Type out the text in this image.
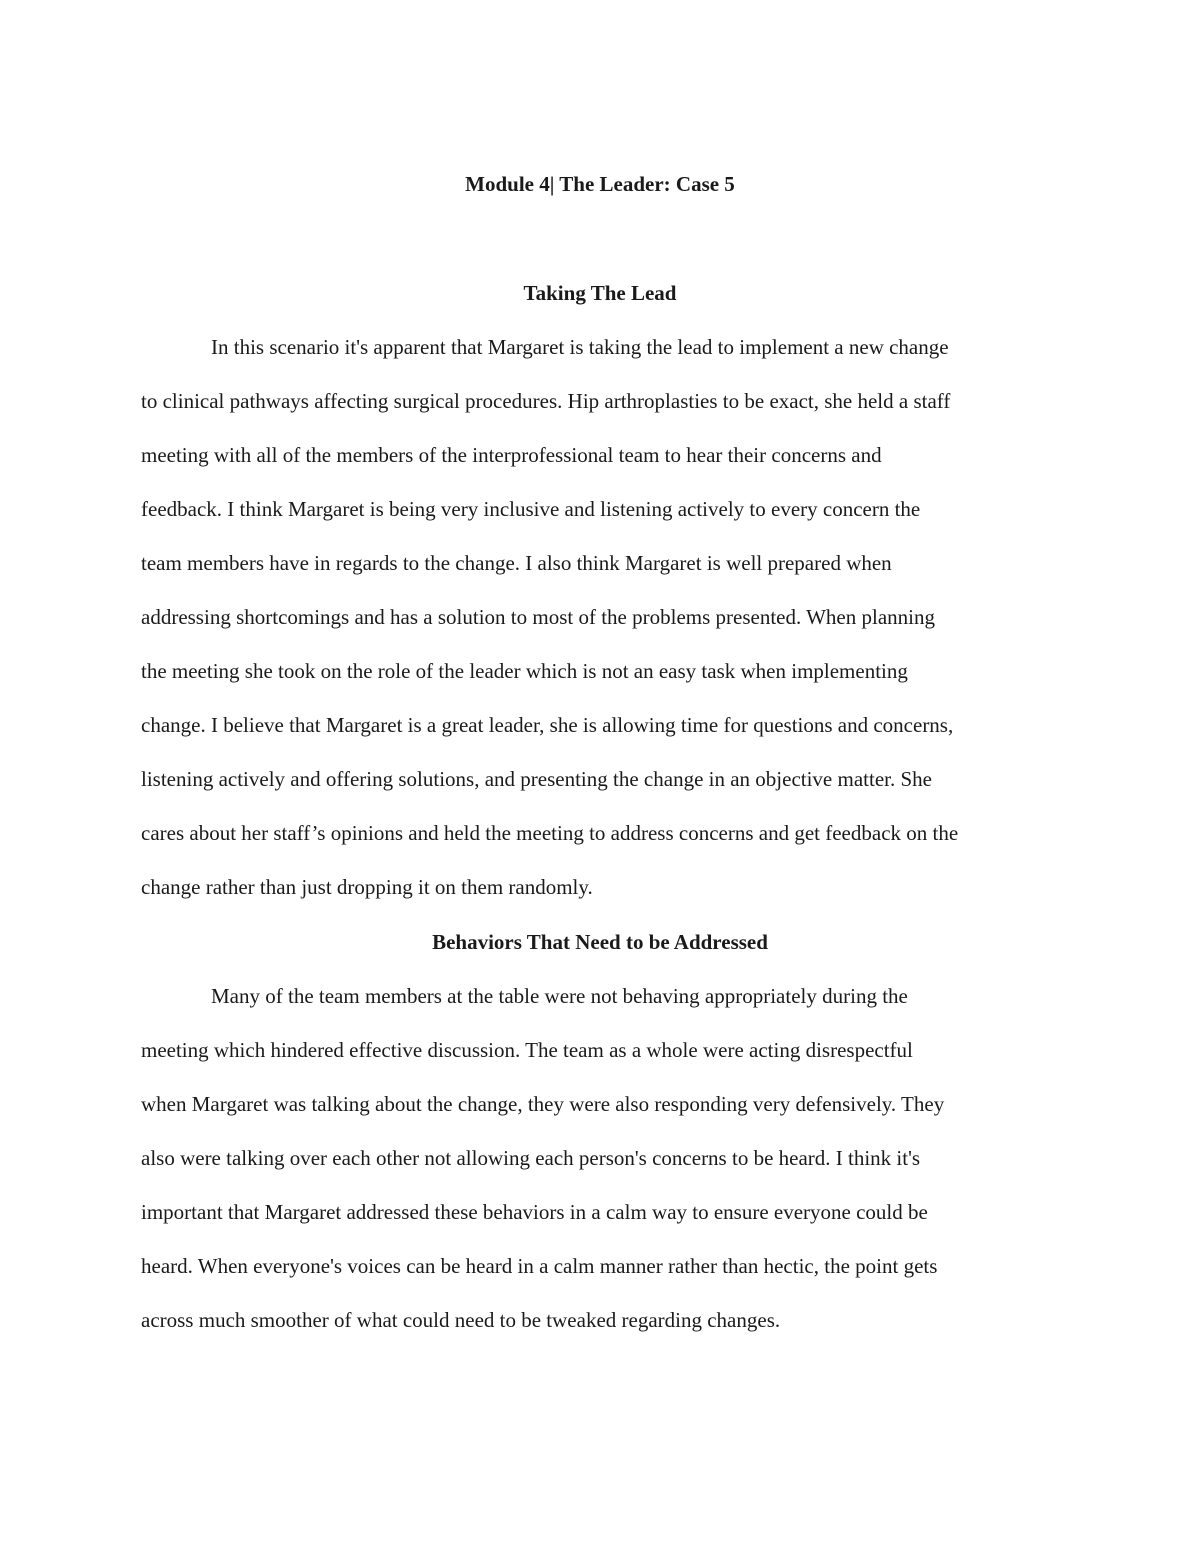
Module 4| The Leader: Case 5
Taking The Lead
In this scenario it's apparent that Margaret is taking the lead to implement a new change
to clinical pathways affecting surgical procedures. Hip arthroplasties to be exact, she held a staff
meeting with all of the members of the interprofessional team to hear their concerns and
feedback. I think Margaret is being very inclusive and listening actively to every concern the
team members have in regards to the change. I also think Margaret is well prepared when
addressing shortcomings and has a solution to most of the problems presented. When planning
the meeting she took on the role of the leader which is not an easy task when implementing
change. I believe that Margaret is a great leader, she is allowing time for questions and concerns,
listening actively and offering solutions, and presenting the change in an objective matter. She
cares about her staff’s opinions and held the meeting to address concerns and get feedback on the
change rather than just dropping it on them randomly.
Behaviors That Need to be Addressed
Many of the team members at the table were not behaving appropriately during the
meeting which hindered effective discussion. The team as a whole were acting disrespectful
when Margaret was talking about the change, they were also responding very defensively. They
also were talking over each other not allowing each person's concerns to be heard. I think it's
important that Margaret addressed these behaviors in a calm way to ensure everyone could be
heard. When everyone's voices can be heard in a calm manner rather than hectic, the point gets
across much smoother of what could need to be tweaked regarding changes.
